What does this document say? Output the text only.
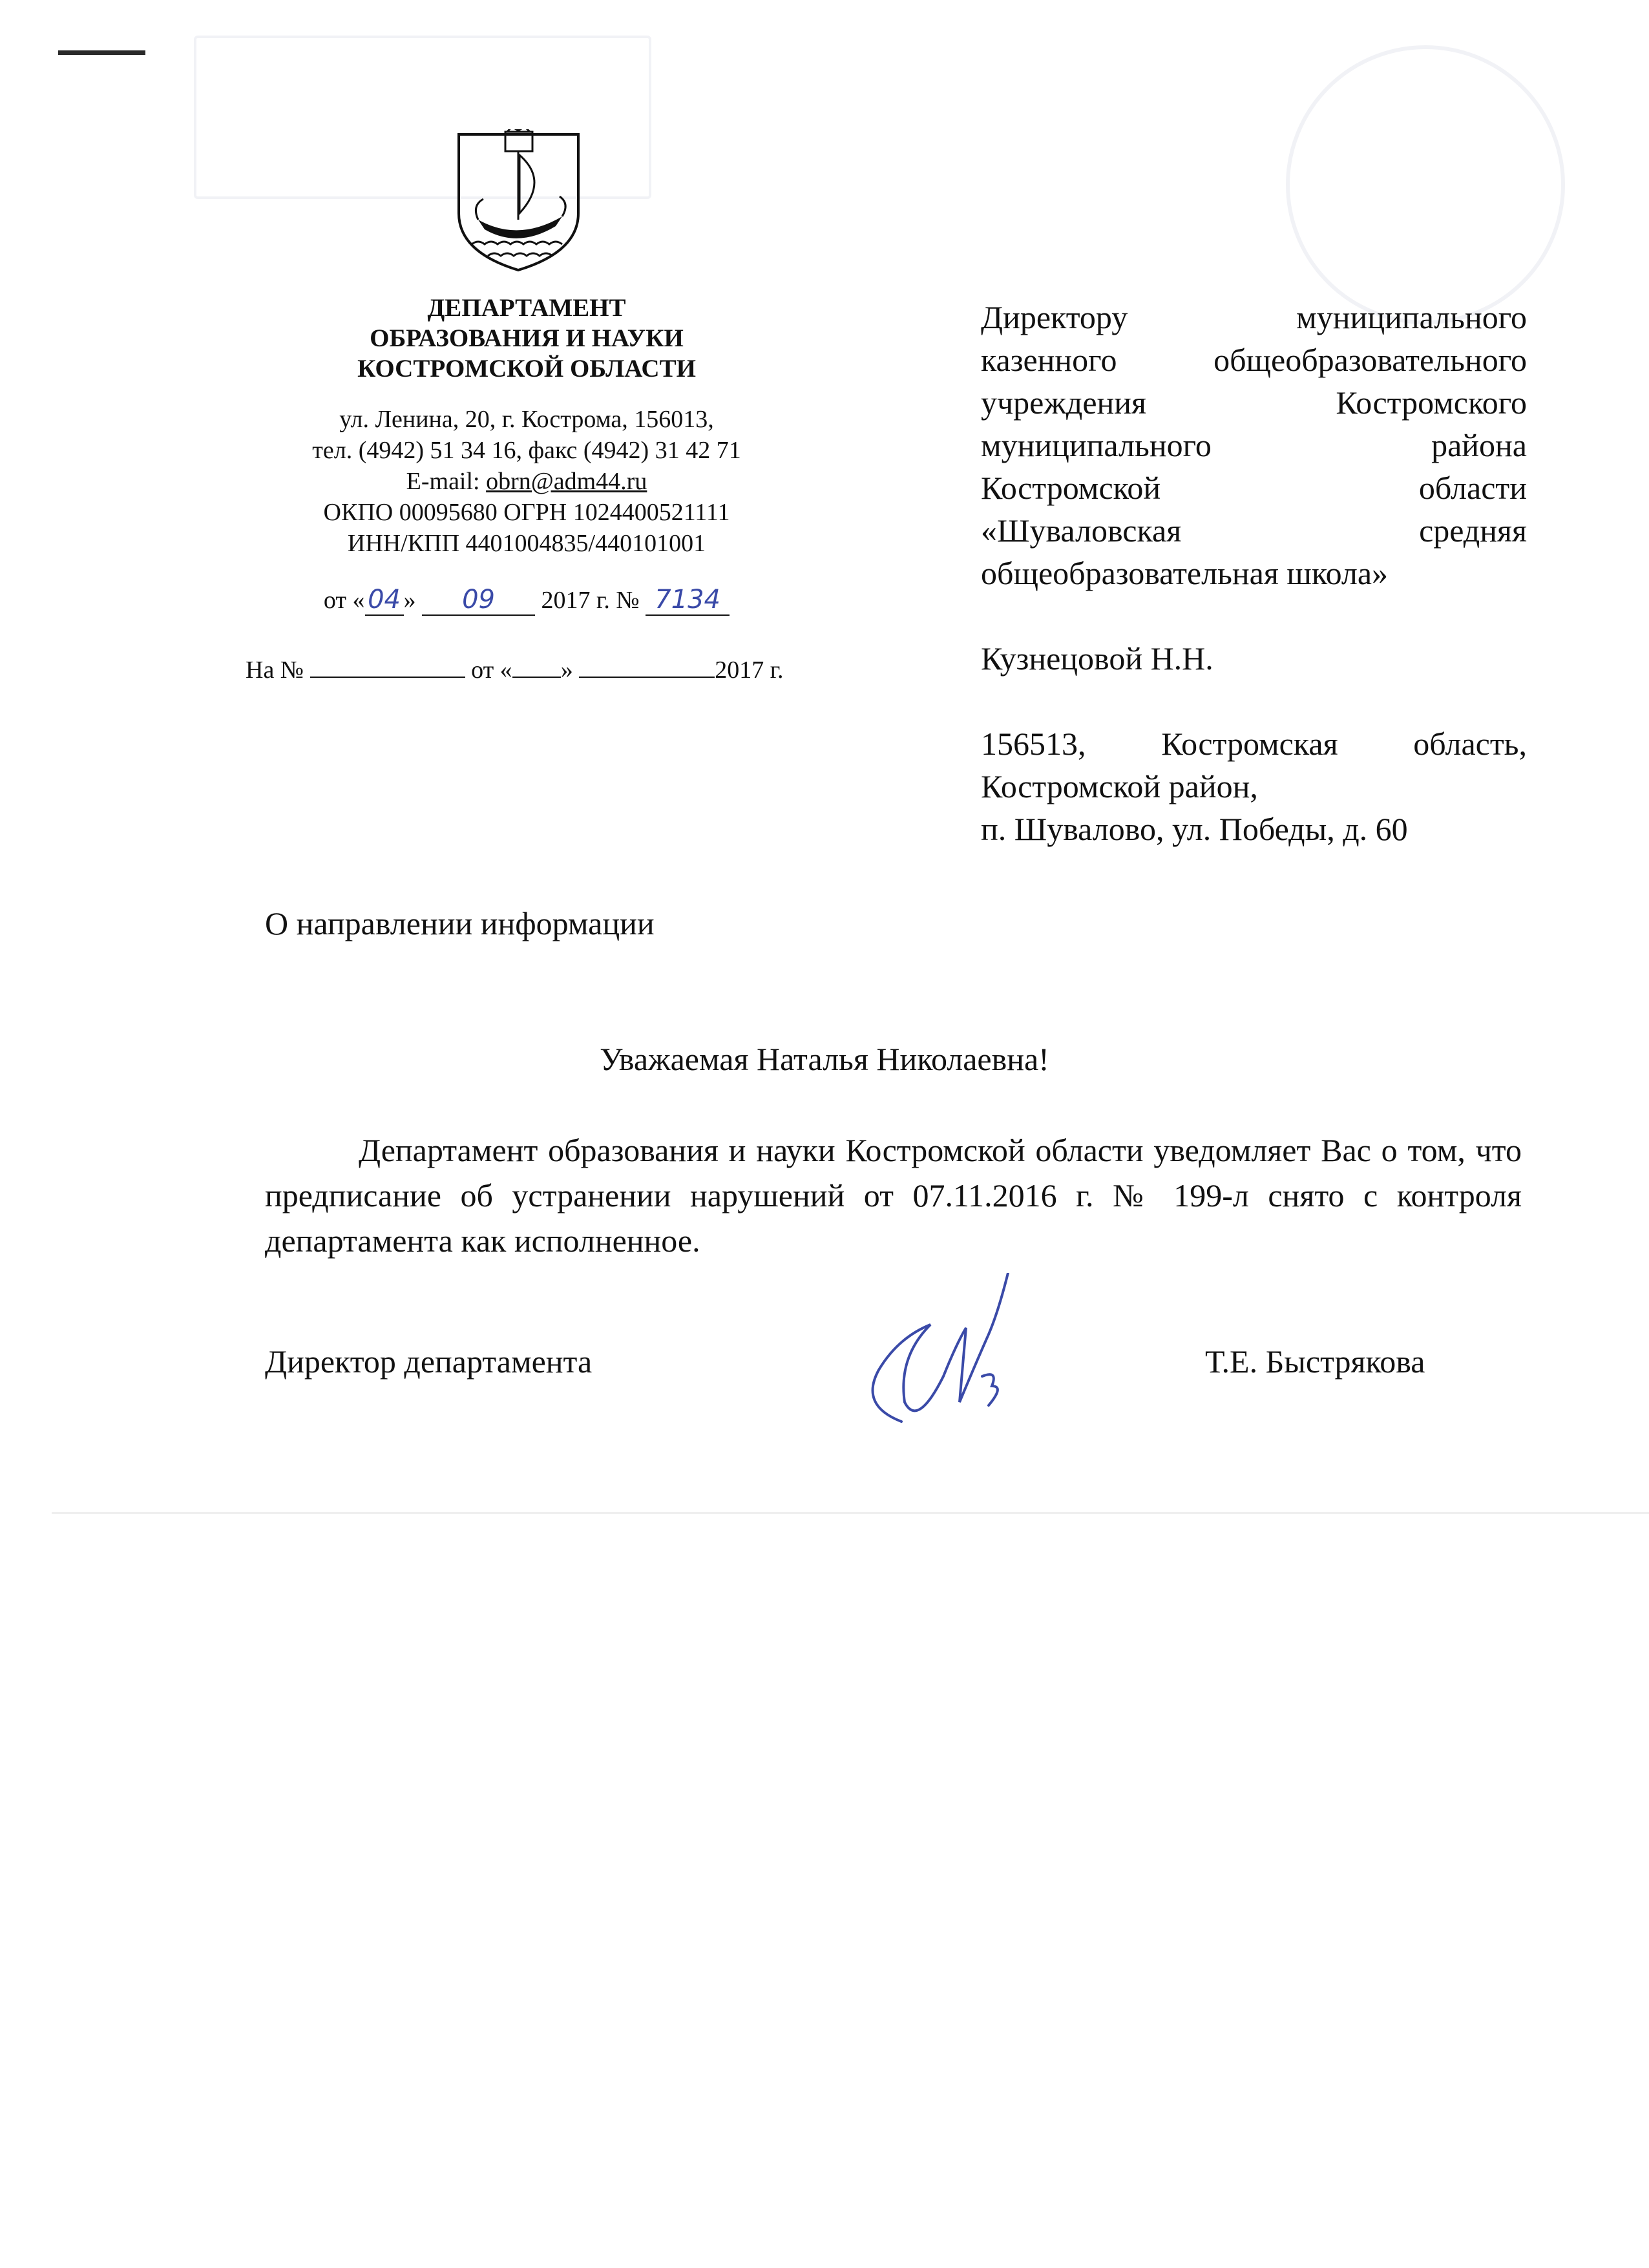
ДЕПАРТАМЕНТ
ОБРАЗОВАНИЯ И НАУКИ
КОСТРОМСКОЙ ОБЛАСТИ
ул. Ленина, 20, г. Кострома, 156013,
тел. (4942) 51 34 16, факс (4942) 31 42 71
E-mail: obrn@adm44.ru
ОКПО 00095680 ОГРН 1024400521111
ИНН/КПП 4401004835/440101001
от « 04 » 09 2017 г. № 7134
На №	от « »	2017 г.
Директору муниципального
казенного общеобразовательного
учреждения Костромского
муниципального района
Костромской области
«Шуваловская средняя
общеобразовательная школа»
Кузнецовой Н.Н.
156513, Костромская область,
Костромской район,
п. Шувалово, ул. Победы, д. 60
О направлении информации
Уважаемая Наталья Николаевна!
Департамент образования и науки Костромской области уведомляет Вас о том, что предписание об устранении нарушений от 07.11.2016 г. № 199-л снято с контроля департамента как исполненное.
Директор департамента	Т.Е. Быстрякова
